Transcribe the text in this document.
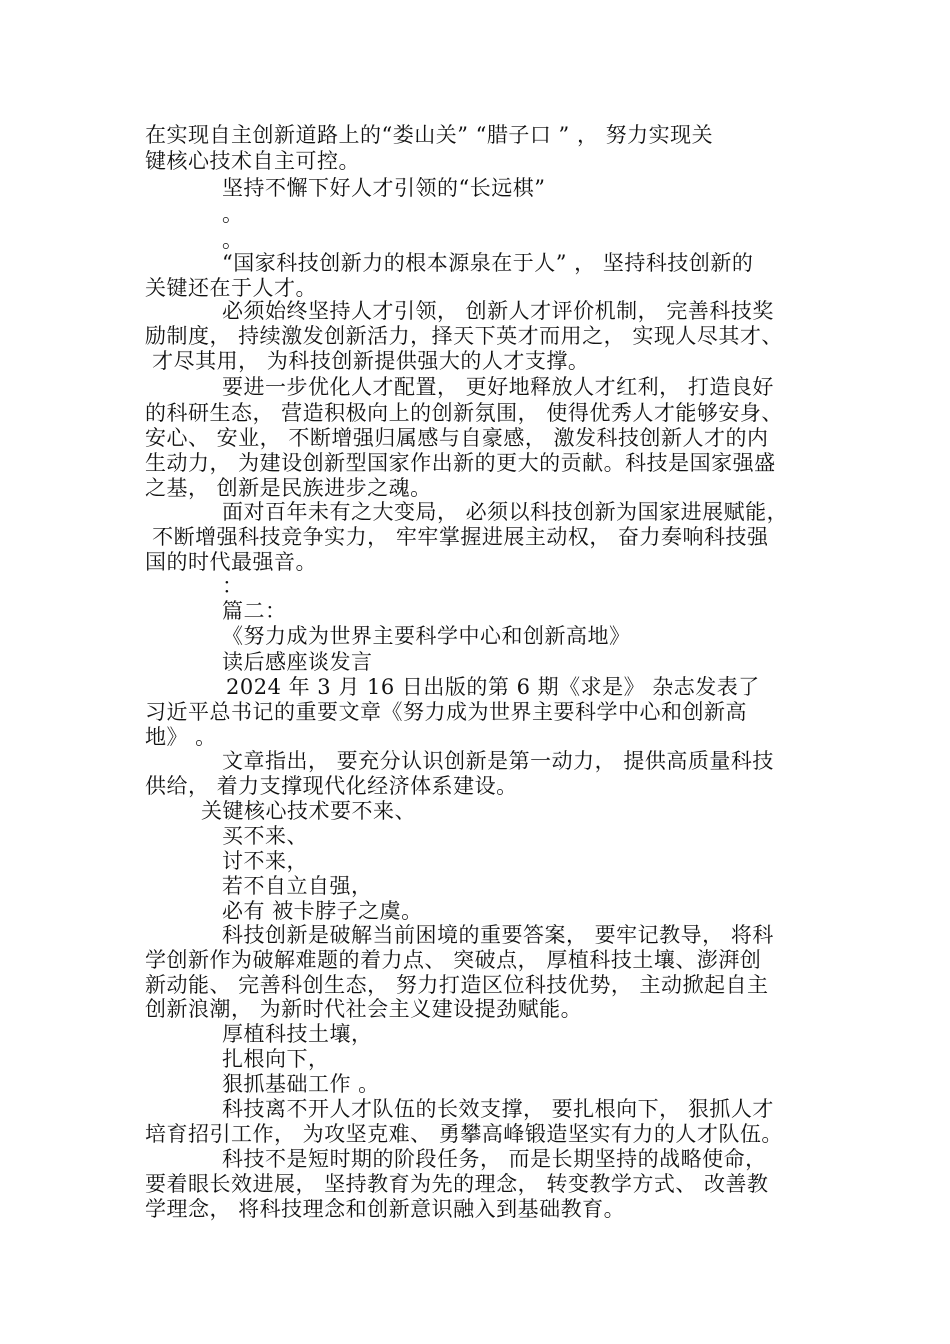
在实现自主创新道路上的“娄山关” “腊子口 ” ， 努力实现关
键核心技术自主可控。
坚持不懈下好人才引领的“长远棋”
。
。
“国家科技创新力的根本源泉在于人” ， 坚持科技创新的
关键还在于人才。
必须始终坚持人才引领， 创新人才评价机制， 完善科技奖
励制度， 持续激发创新活力，择天下英才而用之， 实现人尽其才、
才尽其用， 为科技创新提供强大的人才支撑。
要进一步优化人才配置， 更好地释放人才红利， 打造良好
的科研生态， 营造积极向上的创新氛围， 使得优秀人才能够安身、
安心、 安业， 不断增强归属感与自豪感， 激发科技创新人才的内
生动力， 为建设创新型国家作出新的更大的贡献。科技是国家强盛
之基， 创新是民族进步之魂。
面对百年未有之大变局， 必须以科技创新为国家进展赋能，
不断增强科技竞争实力， 牢牢掌握进展主动权， 奋力奏响科技强
国的时代最强音。
：
篇二：
《努力成为世界主要科学中心和创新高地》
读后感座谈发言
2024 年 3 月 16 日出版的第 6 期《求是》 杂志发表了
习近平总书记的重要文章《努力成为世界主要科学中心和创新高
地》 。
文章指出， 要充分认识创新是第一动力， 提供高质量科技
供给， 着力支撑现代化经济体系建设。
关键核心技术要不来、
买不来、
讨不来，
若不自立自强，
必有 被卡脖子之虞。
科技创新是破解当前困境的重要答案， 要牢记教导， 将科
学创新作为破解难题的着力点、 突破点， 厚植科技土壤、澎湃创
新动能、 完善科创生态， 努力打造区位科技优势， 主动掀起自主
创新浪潮， 为新时代社会主义建设提劲赋能。
厚植科技土壤，
扎根向下，
狠抓基础工作 。
科技离不开人才队伍的长效支撑， 要扎根向下， 狠抓人才
培育招引工作， 为攻坚克难、 勇攀高峰锻造坚实有力的人才队伍。
科技不是短时期的阶段任务， 而是长期坚持的战略使命，
要着眼长效进展， 坚持教育为先的理念， 转变教学方式、 改善教
学理念， 将科技理念和创新意识融入到基础教育。
